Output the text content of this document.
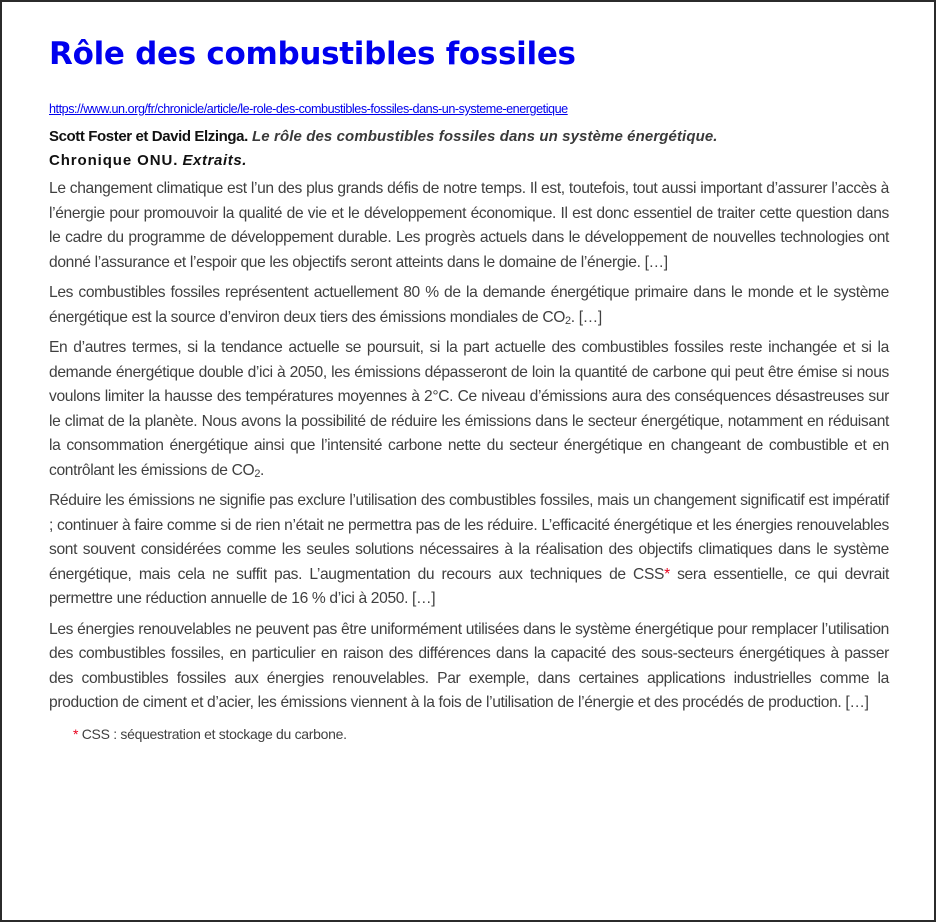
Rôle des combustibles fossiles
https://www.un.org/fr/chronicle/article/le-role-des-combustibles-fossiles-dans-un-systeme-energetique
Scott Foster et David Elzinga. Le rôle des combustibles fossiles dans un système énergétique.
Chronique ONU. Extraits.

Le changement climatique est l’un des plus grands défis de notre temps. Il est, toutefois, tout aussi important d’assurer l’accès à l’énergie pour promouvoir la qualité de vie et le développement économique. Il est donc essentiel de traiter cette question dans le cadre du programme de développement durable. Les progrès actuels dans le développement de nouvelles technologies ont donné l’assurance et l’espoir que les objectifs seront atteints dans le domaine de l’énergie. […]

Les combustibles fossiles représentent actuellement 80 % de la demande énergétique primaire dans le monde et le système énergétique est la source d’environ deux tiers des émissions mondiales de $CO_2$. […]

En d’autres termes, si la tendance actuelle se poursuit, si la part actuelle des combustibles fossiles reste inchangée et si la demande énergétique double d’ici à 2050, les émissions dépasseront de loin la quantité de carbone qui peut être émise si nous voulons limiter la hausse des températures moyennes à 2°C. Ce niveau d’émissions aura des conséquences désastreuses sur le climat de la planète. Nous avons la possibilité de réduire les émissions dans le secteur énergétique, notamment en réduisant la consommation énergétique ainsi que l’intensité carbone nette du secteur énergétique en changeant de combustible et en contrôlant les émissions de $CO_2$.

Réduire les émissions ne signifie pas exclure l’utilisation des combustibles fossiles, mais un changement significatif est impératif ; continuer à faire comme si de rien n’était ne permettra pas de les réduire. L’efficacité énergétique et les énergies renouvelables sont souvent considérées comme les seules solutions nécessaires à la réalisation des objectifs climatiques dans le système énergétique, mais cela ne suffit pas. L’augmentation du recours aux techniques de CSS* sera essentielle, ce qui devrait permettre une réduction annuelle de 16 % d’ici à 2050. […]

Les énergies renouvelables ne peuvent pas être uniformément utilisées dans le système énergétique pour remplacer l’utilisation des combustibles fossiles, en particulier en raison des différences dans la capacité des sous-secteurs énergétiques à passer des combustibles fossiles aux énergies renouvelables. Par exemple, dans certaines applications industrielles comme la production de ciment et d’acier, les émissions viennent à la fois de l’utilisation de l’énergie et des procédés de production. […]

* CSS : séquestration et stockage du carbone.
